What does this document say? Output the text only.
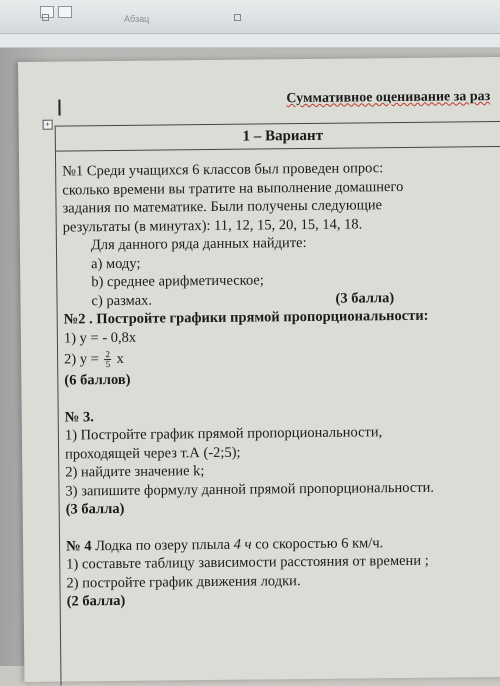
Абзац
Суммативное оценивание за раз
+
1 – Вариант
№1 Среди учащихся 6 классов был проведен опрос:
сколько времени вы тратите на выполнение домашнего
задания по математике. Были получены следующие
результаты (в минутах): 11, 12, 15, 20, 15, 14, 18.
Для данного ряда данных найдите:
а) моду;
b) среднее арифметическое;
с) размах.	(3 балла)
№2 . Постройте графики прямой пропорциональности:
1) у = - 0,8х
2) $у = \frac{2}{5}$ х
(6 баллов)
№ 3.
1) Постройте график прямой пропорциональности,
проходящей через т.А (-2;5);
2) найдите значение k;
3) запишите формулу данной прямой пропорциональности.
(3 балла)
№ 4 Лодка по озеру плыла 4 ч со скоростью 6 км/ч.
1) составьте таблицу зависимости расстояния от времени ;
2) постройте график движения лодки.
(2 балла)
